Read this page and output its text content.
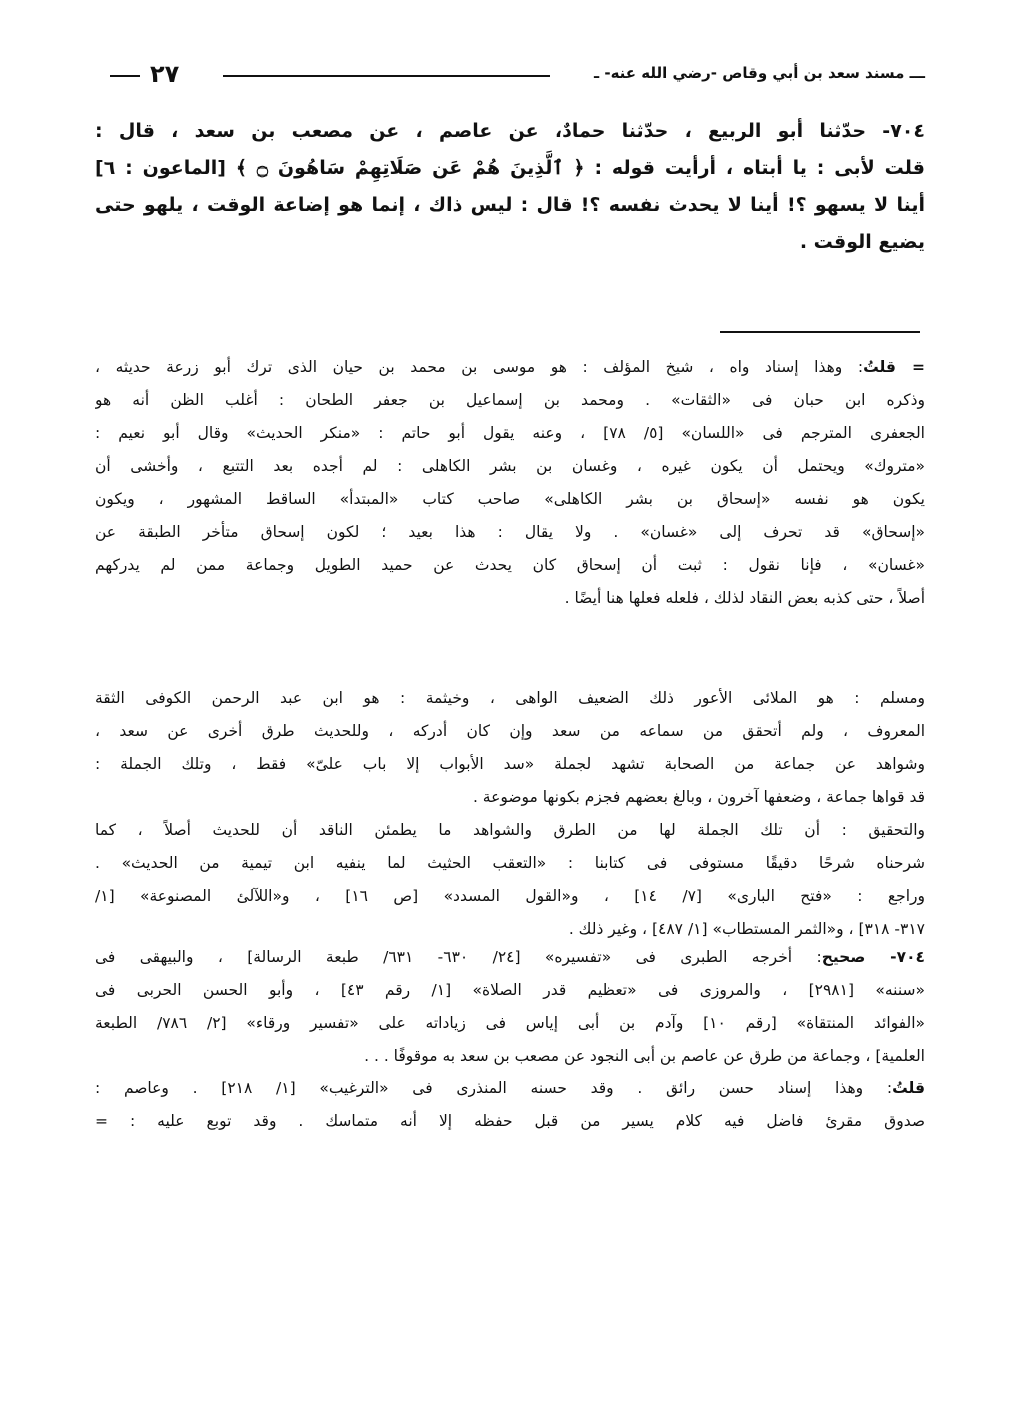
ـــ مسند سعد بن أبي وقاص -رضي الله عنه- ـ
٢٧
٧٠٤- حدّثنا أبو الربيع ، حدّثنا حمادٌ، عن عاصم ، عن مصعب بن سعد ، قال :
قلت لأبى : يا أبتاه ، أرأيت قوله : ﴿ ٱلَّذِينَ هُمْ عَن صَلَاتِهِمْ سَاهُونَ ۝ ﴾ [الماعون : ٦]
أينا لا يسهو ؟! أينا لا يحدث نفسه ؟! قال : ليس ذاك ، إنما هو إضاعة الوقت ، يلهو حتى
يضيع الوقت .
= قلتُ: وهذا إسناد واه ، شيخ المؤلف : هو موسى بن محمد بن حيان الذى ترك أبو زرعة حديثه ،
وذكره ابن حبان فى «الثقات» . ومحمد بن إسماعيل بن جعفر الطحان : أغلب الظن أنه هو
الجعفرى المترجم فى «اللسان» [٥/ ٧٨] ، وعنه يقول أبو حاتم : «منكر الحديث» وقال أبو نعيم :
«متروك» ويحتمل أن يكون غيره ، وغسان بن بشر الكاهلى : لم أجده بعد التتبع ، وأخشى أن
يكون هو نفسه «إسحاق بن بشر الكاهلى» صاحب كتاب «المبتدأ» الساقط المشهور ، ويكون
«إسحاق» قد تحرف إلى «غسان» . ولا يقال : هذا بعيد ؛ لكون إسحاق متأخر الطبقة عن
«غسان» ، فإنا نقول : ثبت أن إسحاق كان يحدث عن حميد الطويل وجماعة ممن لم يدركهم
أصلاً ، حتى كذبه بعض النقاد لذلك ، فلعله فعلها هنا أيضًا .
ومسلم : هو الملائى الأعور ذلك الضعيف الواهى ، وخيثمة : هو ابن عبد الرحمن الكوفى الثقة
المعروف ، ولم أتحقق من سماعه من سعد وإن كان أدركه ، وللحديث طرق أخرى عن سعد ،
وشواهد عن جماعة من الصحابة تشهد لجملة «سد الأبواب إلا باب علىّ» فقط ، وتلك الجملة :
قد قواها جماعة ، وضعفها آخرون ، وبالغ بعضهم فجزم بكونها موضوعة .
والتحقيق : أن تلك الجملة لها من الطرق والشواهد ما يطمئن الناقد أن للحديث أصلاً ، كما
شرحناه شرحًا دقيقًا مستوفى فى كتابنا : «التعقب الحثيث لما ينفيه ابن تيمية من الحديث» .
وراجع : «فتح البارى» [٧/ ١٤] ، و«القول المسدد» [ص ١٦] ، و«اللآلئ المصنوعة» [١/
٣١٧- ٣١٨] ، و«الثمر المستطاب» [١/ ٤٨٧] ، وغير ذلك .
٧٠٤- صحيح: أخرجه الطبرى فى «تفسيره» [٢٤/ ٦٣٠- ٦٣١/ طبعة الرسالة] ، والبيهقى فى
«سننه» [٢٩٨١] ، والمروزى فى «تعظيم قدر الصلاة» [١/ رقم ٤٣] ، وأبو الحسن الحربى فى
«الفوائد المنتقاة» [رقم ١٠] وآدم بن أبى إياس فى زياداته على «تفسير ورقاء» [٢/ ٧٨٦/ الطبعة
العلمية] ، وجماعة من طرق عن عاصم بن أبى النجود عن مصعب بن سعد به موقوفًا . . .
قلتُ: وهذا إسناد حسن رائق . وقد حسنه المنذرى فى «الترغيب» [١/ ٢١٨] . وعاصم :
صدوق مقرئ فاضل فيه كلام يسير من قبل حفظه إلا أنه متماسك . وقد توبع عليه : =
